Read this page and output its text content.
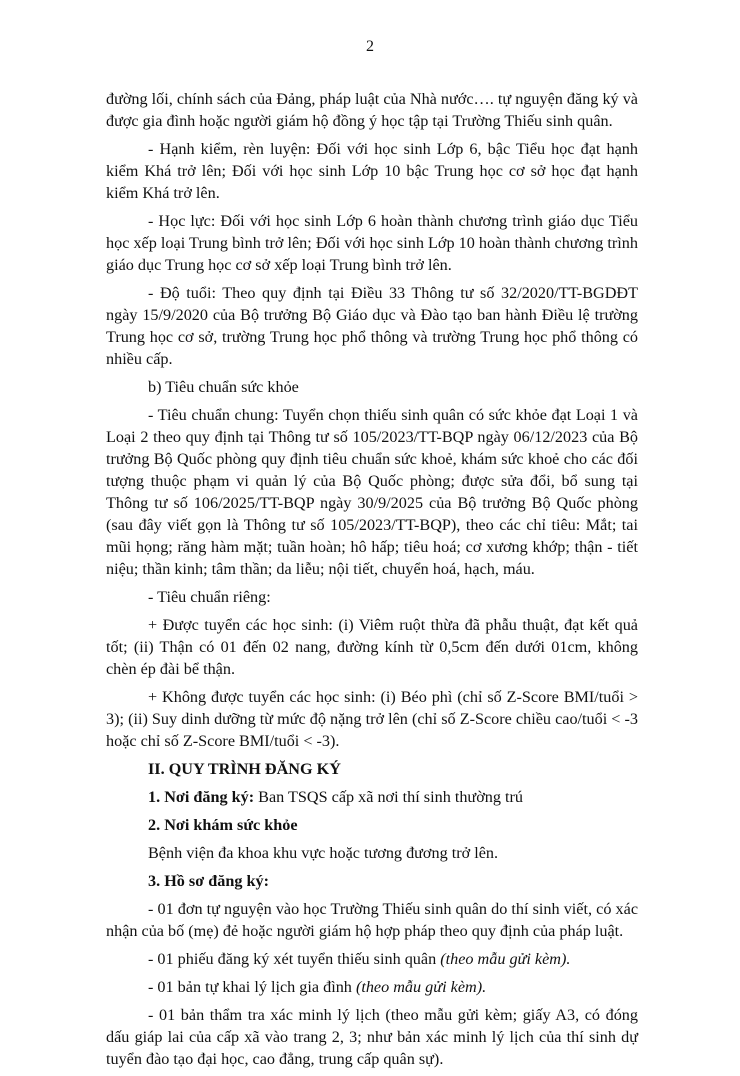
2

đường lối, chính sách của Đảng, pháp luật của Nhà nước…. tự nguyện đăng ký và được gia đình hoặc người giám hộ đồng ý học tập tại Trường Thiếu sinh quân.

- Hạnh kiểm, rèn luyện: Đối với học sinh Lớp 6, bậc Tiểu học đạt hạnh kiểm Khá trở lên; Đối với học sinh Lớp 10 bậc Trung học cơ sở học đạt hạnh kiểm Khá trở lên.

- Học lực: Đối với học sinh Lớp 6 hoàn thành chương trình giáo dục Tiểu học xếp loại Trung bình trở lên; Đối với học sinh Lớp 10 hoàn thành chương trình giáo dục Trung học cơ sở xếp loại Trung bình trở lên.

- Độ tuổi: Theo quy định tại Điều 33 Thông tư số 32/2020/TT-BGDĐT ngày 15/9/2020 của Bộ trưởng Bộ Giáo dục và Đào tạo ban hành Điều lệ trường Trung học cơ sở, trường Trung học phổ thông và trường Trung học phổ thông có nhiều cấp.

b) Tiêu chuẩn sức khỏe

- Tiêu chuẩn chung: Tuyển chọn thiếu sinh quân có sức khỏe đạt Loại 1 và Loại 2 theo quy định tại Thông tư số 105/2023/TT-BQP ngày 06/12/2023 của Bộ trưởng Bộ Quốc phòng quy định tiêu chuẩn sức khoẻ, khám sức khoẻ cho các đối tượng thuộc phạm vi quản lý của Bộ Quốc phòng; được sửa đổi, bổ sung tại Thông tư số 106/2025/TT-BQP ngày 30/9/2025 của Bộ trưởng Bộ Quốc phòng (sau đây viết gọn là Thông tư số 105/2023/TT-BQP), theo các chỉ tiêu: Mắt; tai mũi họng; răng hàm mặt; tuần hoàn; hô hấp; tiêu hoá; cơ xương khớp; thận - tiết niệu; thần kinh; tâm thần; da liễu; nội tiết, chuyển hoá, hạch, máu.

- Tiêu chuẩn riêng:

+ Được tuyển các học sinh: (i) Viêm ruột thừa đã phẫu thuật, đạt kết quả tốt; (ii) Thận có 01 đến 02 nang, đường kính từ 0,5cm đến dưới 01cm, không chèn ép đài bể thận.

+ Không được tuyển các học sinh: (i) Béo phì (chỉ số Z-Score BMI/tuổi > 3); (ii) Suy dinh dưỡng từ mức độ nặng trở lên (chỉ số Z-Score chiều cao/tuổi < -3 hoặc chỉ số Z-Score BMI/tuổi < -3).

II. QUY TRÌNH ĐĂNG KÝ

1. Nơi đăng ký: Ban TSQS cấp xã nơi thí sinh thường trú

2. Nơi khám sức khỏe

Bệnh viện đa khoa khu vực hoặc tương đương trở lên.

3. Hồ sơ đăng ký:

- 01 đơn tự nguyện vào học Trường Thiếu sinh quân do thí sinh viết, có xác nhận của bố (mẹ) đẻ hoặc người giám hộ hợp pháp theo quy định của pháp luật.

- 01 phiếu đăng ký xét tuyển thiếu sinh quân (theo mẫu gửi kèm).

- 01 bản tự khai lý lịch gia đình (theo mẫu gửi kèm).

- 01 bản thẩm tra xác minh lý lịch (theo mẫu gửi kèm; giấy A3, có đóng dấu giáp lai của cấp xã vào trang 2, 3; như bản xác minh lý lịch của thí sinh dự tuyển đào tạo đại học, cao đẳng, trung cấp quân sự).
